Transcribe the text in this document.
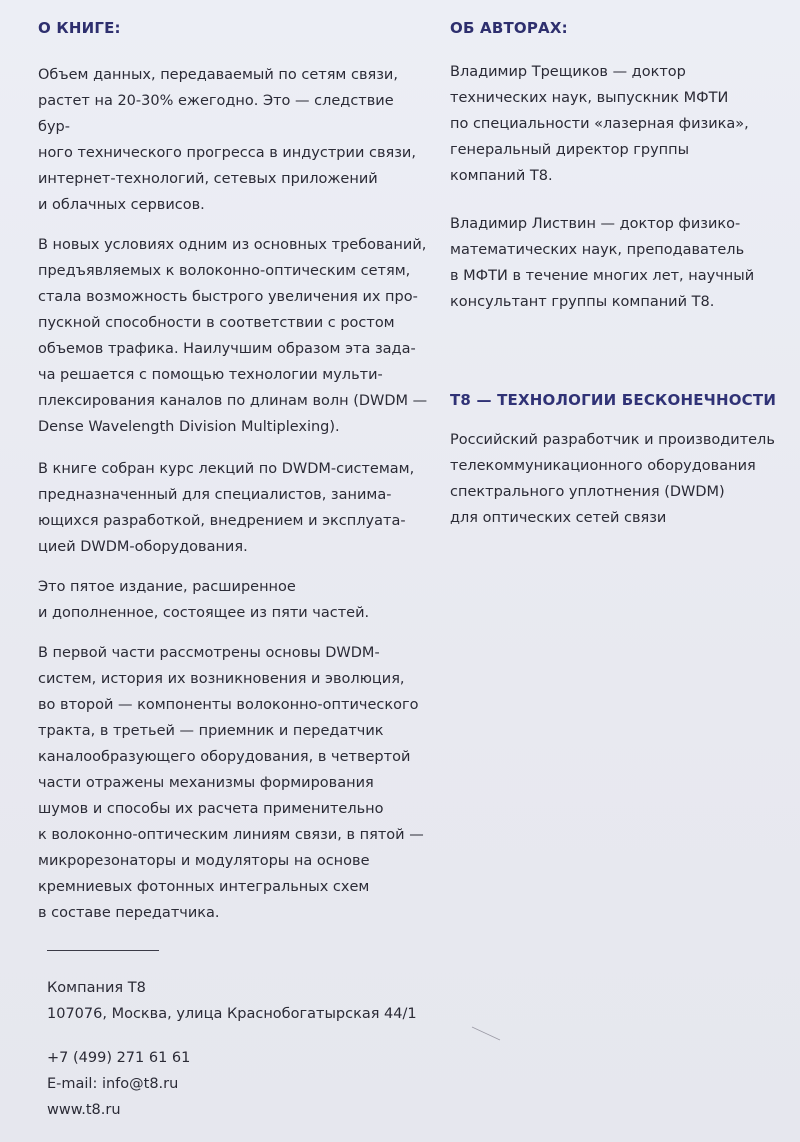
О КНИГЕ:

Объем данных, передаваемый по сетям связи,
растет на 20-30% ежегодно. Это — следствие бур-
ного технического прогресса в индустрии связи,
интернет-технологий, сетевых приложений
и облачных сервисов.

В новых условиях одним из основных требований,
предъявляемых к волоконно-оптическим сетям,
стала возможность быстрого увеличения их про-
пускной способности в соответствии с ростом
объемов трафика. Наилучшим образом эта зада-
ча решается с помощью технологии мульти-
плексирования каналов по длинам волн (DWDM —
Dense Wavelength Division Multiplexing).

В книге собран курс лекций по DWDM-системам,
предназначенный для специалистов, занима-
ющихся разработкой, внедрением и эксплуата-
цией DWDM-оборудования.

Это пятое издание, расширенное
и дополненное, состоящее из пяти частей.

В первой части рассмотрены основы DWDM-
систем, история их возникновения и эволюция,
во второй — компоненты волоконно-оптического
тракта, в третьей — приемник и передатчик
каналообразующего оборудования, в четвертой
части отражены механизмы формирования
шумов и способы их расчета применительно
к волоконно-оптическим линиям связи, в пятой —
микрорезонаторы и модуляторы на основе
кремниевых фотонных интегральных схем
в составе передатчика.

ОБ АВТОРАХ:

Владимир Трещиков — доктор
технических наук, выпускник МФТИ
по специальности «лазерная физика»,
генеральный директор группы
компаний Т8.

Владимир Листвин — доктор физико-
математических наук, преподаватель
в МФТИ в течение многих лет, научный
консультант группы компаний Т8.

Т8 — ТЕХНОЛОГИИ БЕСКОНЕЧНОСТИ

Российский разработчик и производитель
телекоммуникационного оборудования
спектрального уплотнения (DWDM)
для оптических сетей связи

Компания Т8

107076, Москва, улица Краснобогатырская 44/1

+7 (499) 271 61 61

E-mail: info@t8.ru

www.t8.ru
